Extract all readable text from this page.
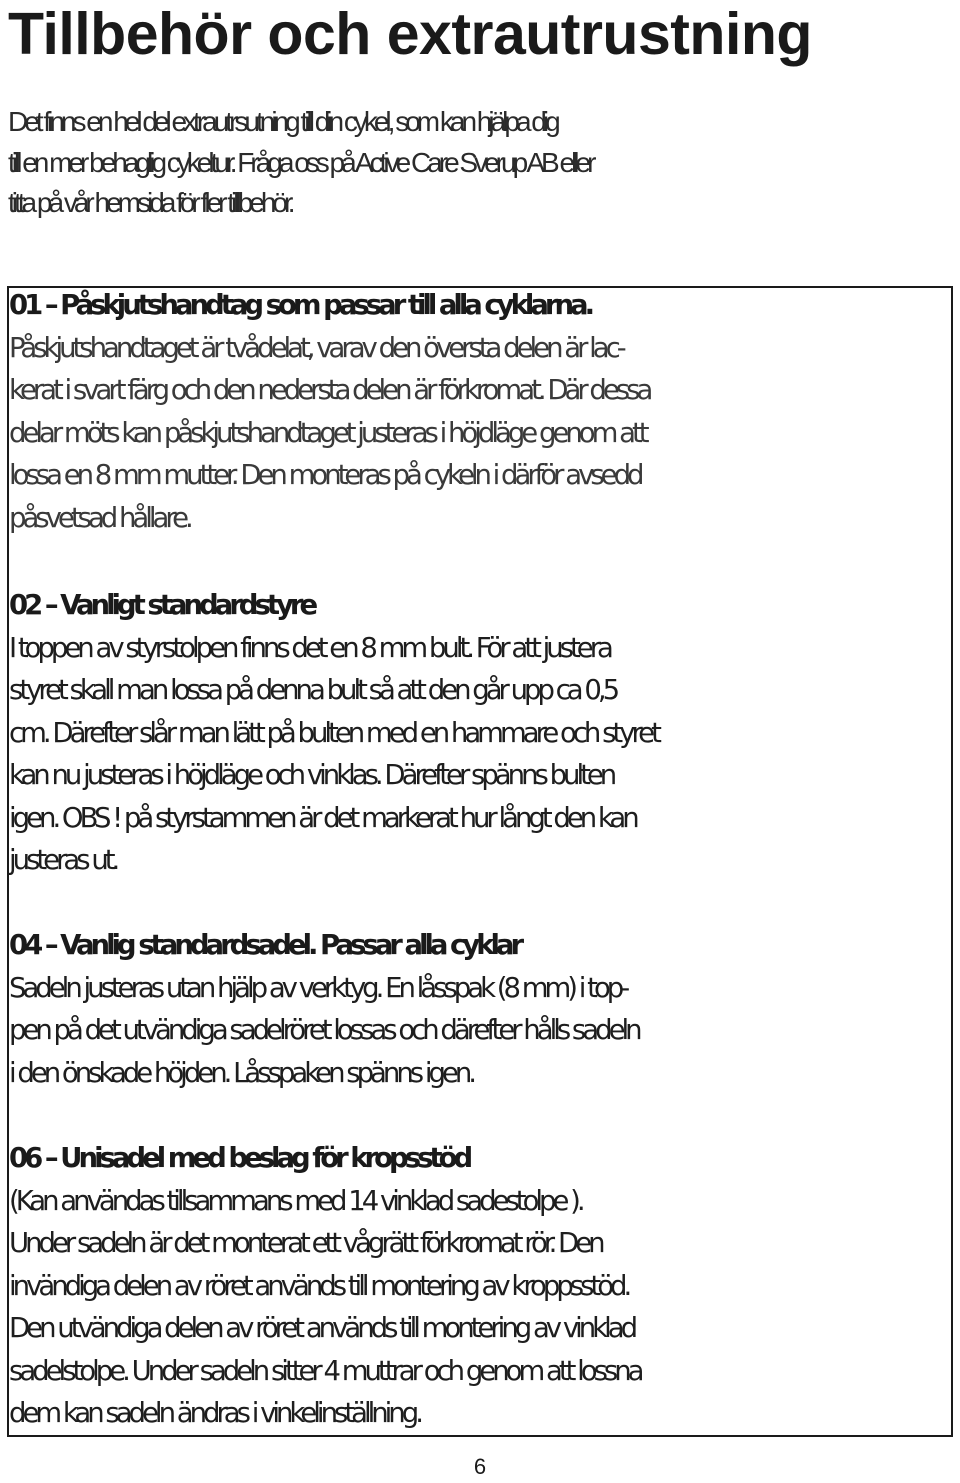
Tillbehör och extrautrustning

Det finns en hel del extrautrsutning till din cykel, som kan hjälpa dig
till en mer behaglig cykeltur. Fråga oss på Active Care Sverup AB eller
titta på vår hemsida för fler tillbehör.

01 – Påskjutshandtag som passar till alla cyklarna.
Påskjutshandtaget är tvådelat, varav den översta delen är lac-
kerat i svart färg och den nedersta delen är förkromat. Där dessa
delar möts kan påskjutshandtaget justeras i höjdläge genom att
lossa en 8 mm mutter. Den monteras på cykeln i därför avsedd
påsvetsad hållare.
02 – Vanligt standardstyre
I toppen av styrstolpen finns det en 8 mm bult. För att justera
styret skall man lossa på denna bult så att den går upp ca 0,5
cm. Därefter slår man lätt på bulten med en hammare och styret
kan nu justeras i höjdläge och vinklas. Därefter spänns bulten
igen. OBS ! på styrstammen är det markerat hur långt den kan
justeras ut.
04 – Vanlig standardsadel. Passar alla cyklar
Sadeln justeras utan hjälp av verktyg. En låsspak (8 mm) i top-
pen på det utvändiga sadelröret lossas och därefter hålls sadeln
i den önskade höjden. Låsspaken spänns igen.
06 – Unisadel med beslag för kropsstöd
(Kan användas tillsammans med 14 vinklad sadestolpe ).
Under sadeln är det monterat ett vågrätt förkromat rör. Den
invändiga delen av röret används till montering av kroppsstöd.
Den utvändiga delen av röret används till montering av vinklad
sadelstolpe. Under sadeln sitter 4 muttrar och genom att lossna
dem kan sadeln ändras i vinkelinställning.
6
